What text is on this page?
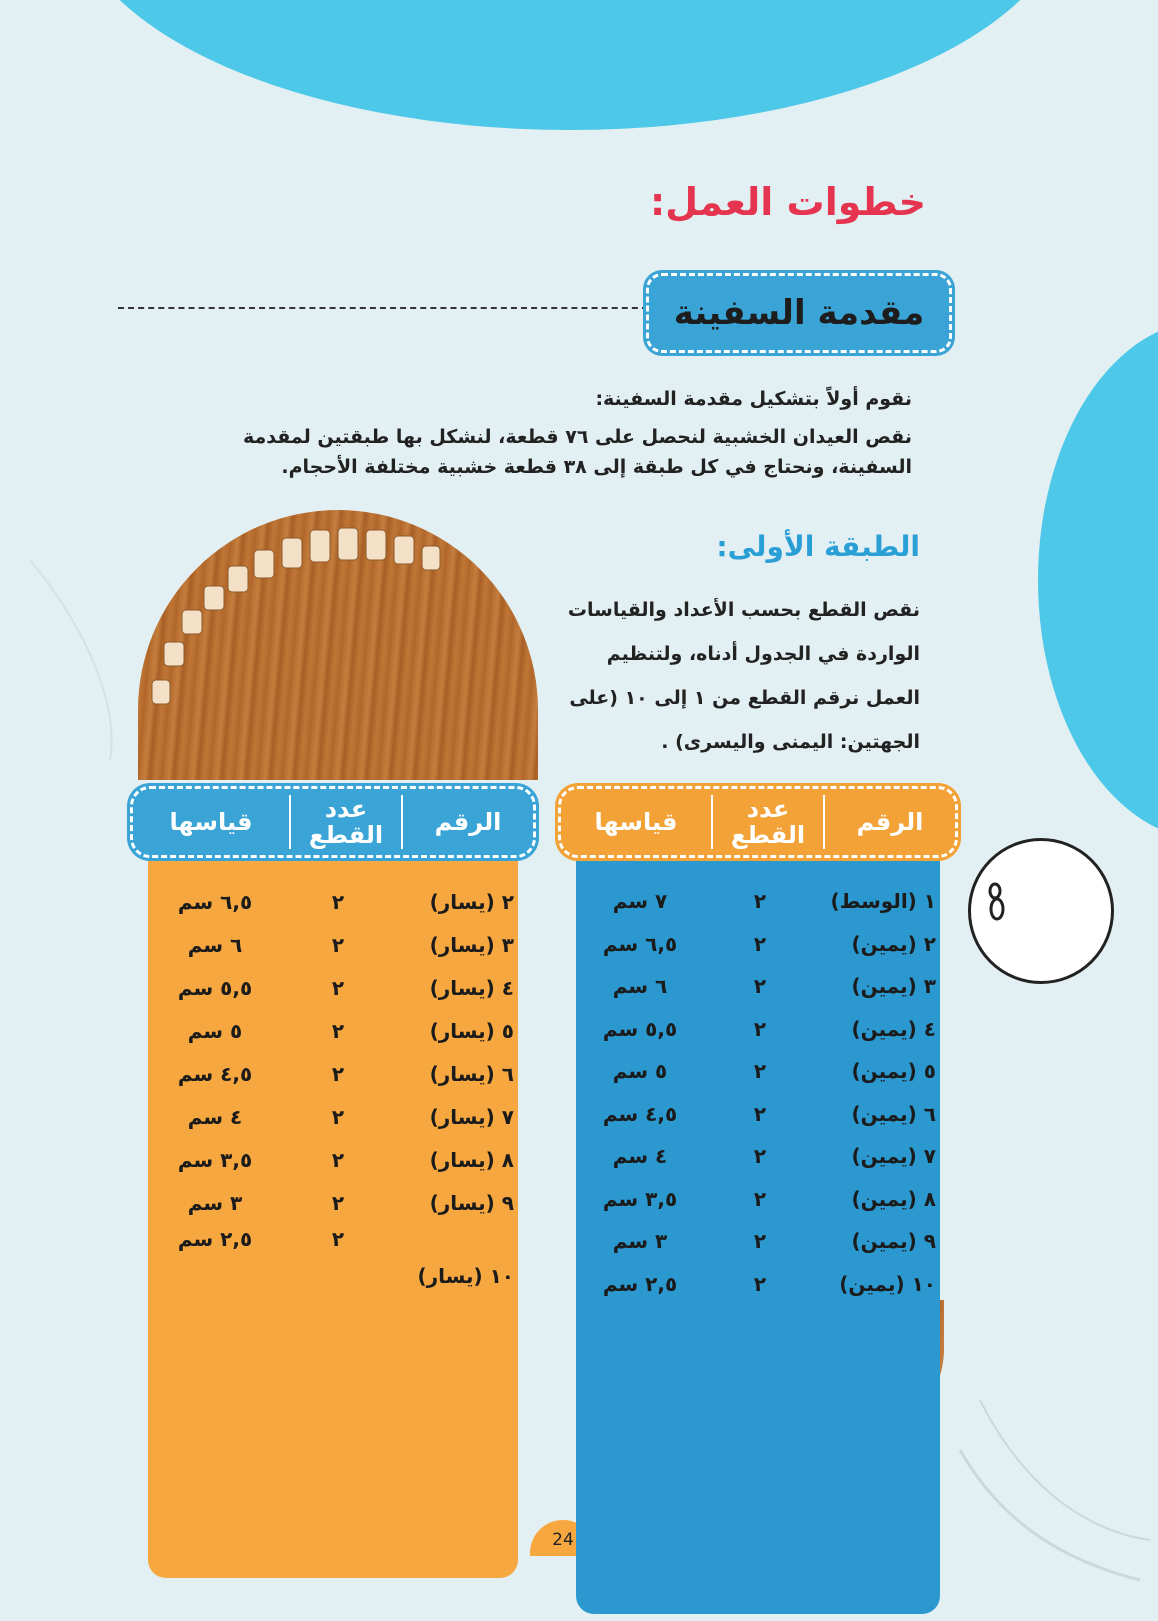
خطوات العمل:
مقدمة السفينة

نقوم أولاً بتشكيل مقدمة السفينة:

نقص العيدان الخشبية لنحصل على ٧٦ قطعة، لنشكل بها طبقتين لمقدمة السفينة، ونحتاج في كل طبقة إلى ٣٨ قطعة خشبية مختلفة الأحجام.

الطبقة الأولى:

نقص القطع بحسب الأعداد والقياسات الواردة في الجدول أدناه، ولتنظيم العمل نرقم القطع من ١ إلى ١٠ (على الجهتين: اليمنى واليسرى) .

الرقم
عدد القطع
قياسها
١ (الوسط)
٢
٧ سم
٢ (يمين)
٢
٦,٥ سم
٣ (يمين)
٢
٦ سم
٤ (يمين)
٢
٥,٥ سم
٥ (يمين)
٢
٥ سم
٦ (يمين)
٢
٤,٥ سم
٧ (يمين)
٢
٤ سم
٨ (يمين)
٢
٣,٥ سم
٩ (يمين)
٢
٣ سم
١٠ (يمين)
٢
٢,٥ سم
الرقم
عدد القطع
قياسها
٢ (يسار)
٢
٦,٥ سم
٣ (يسار)
٢
٦ سم
٤ (يسار)
٢
٥,٥ سم
٥ (يسار)
٢
٥ سم
٦ (يسار)
٢
٤,٥ سم
٧ (يسار)
٢
٤ سم
٨ (يسار)
٢
٣,٥ سم
٩ (يسار)
٢
٣ سم
٢
٢,٥ سم
١٠ (يسار)
24
